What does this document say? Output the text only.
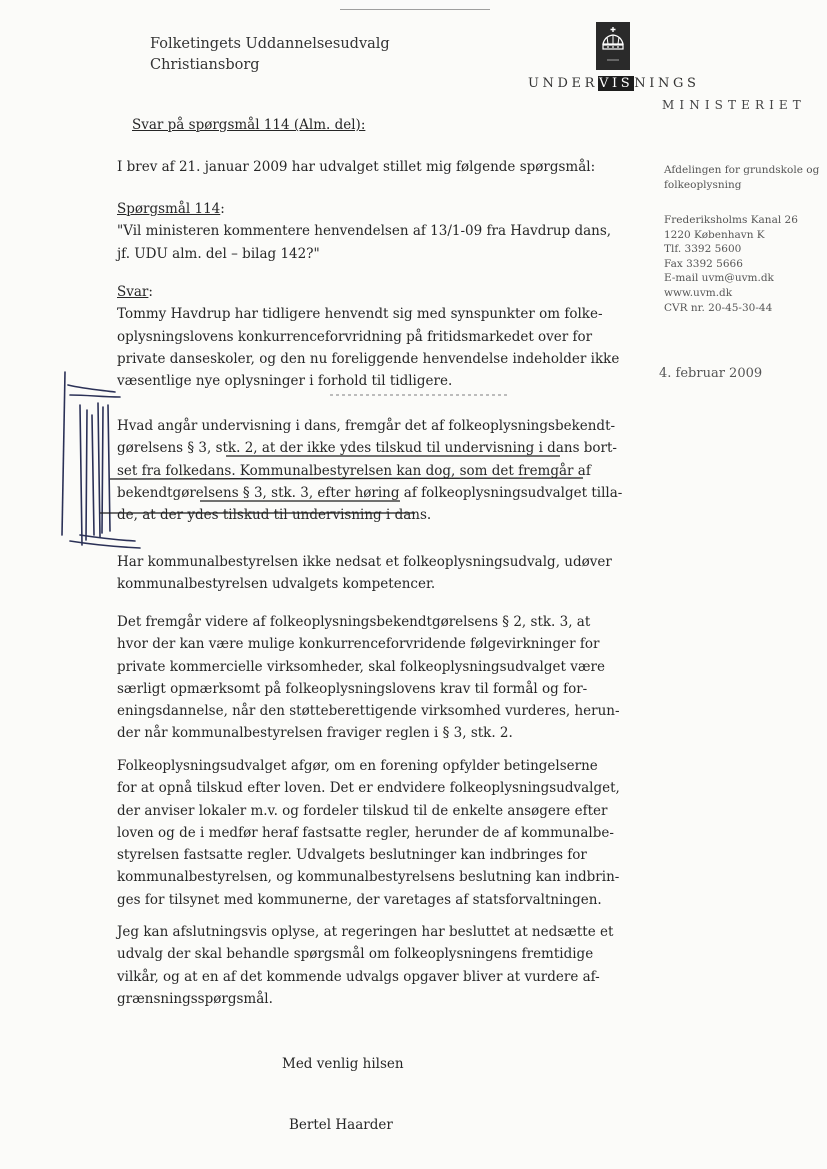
Folketingets Uddannelsesudvalg
Christiansborg
UNDERVISNINGS
MINISTERIET
Svar på spørgsmål 114 (Alm. del):
I brev af 21. januar 2009 har udvalget stillet mig følgende spørgsmål:
Spørgsmål 114:
"Vil ministeren kommentere henvendelsen af 13/1-09 fra Havdrup dans,
jf. UDU alm. del – bilag 142?"
Svar:
Tommy Havdrup har tidligere henvendt sig med synspunkter om folke-
oplysningslovens konkurrenceforvridning på fritidsmarkedet over for
private danseskoler, og den nu foreliggende henvendelse indeholder ikke
væsentlige nye oplysninger i forhold til tidligere.
Hvad angår undervisning i dans, fremgår det af folkeoplysningsbekendt-
gørelsens § 3, stk. 2, at der ikke ydes tilskud til undervisning i dans bort-
set fra folkedans. Kommunalbestyrelsen kan dog, som det fremgår af
bekendtgørelsens § 3, stk. 3, efter høring af folkeoplysningsudvalget tilla-
de, at der ydes tilskud til undervisning i dans.
Har kommunalbestyrelsen ikke nedsat et folkeoplysningsudvalg, udøver
kommunalbestyrelsen udvalgets kompetencer.
Det fremgår videre af folkeoplysningsbekendtgørelsens § 2, stk. 3, at
hvor der kan være mulige konkurrenceforvridende følgevirkninger for
private kommercielle virksomheder, skal folkeoplysningsudvalget være
særligt opmærksomt på folkeoplysningslovens krav til formål og for-
eningsdannelse, når den støtteberettigende virksomhed vurderes, herun-
der når kommunalbestyrelsen fraviger reglen i § 3, stk. 2.
Folkeoplysningsudvalget afgør, om en forening opfylder betingelserne
for at opnå tilskud efter loven. Det er endvidere folkeoplysningsudvalget,
der anviser lokaler m.v. og fordeler tilskud til de enkelte ansøgere efter
loven og de i medfør heraf fastsatte regler, herunder de af kommunalbe-
styrelsen fastsatte regler. Udvalgets beslutninger kan indbringes for
kommunalbestyrelsen, og kommunalbestyrelsens beslutning kan indbrin-
ges for tilsynet med kommunerne, der varetages af statsforvaltningen.
Jeg kan afslutningsvis oplyse, at regeringen har besluttet at nedsætte et
udvalg der skal behandle spørgsmål om folkeoplysningens fremtidige
vilkår, og at en af det kommende udvalgs opgaver bliver at vurdere af-
grænsningsspørgsmål.
Med venlig hilsen
Bertel Haarder
Afdelingen for grundskole og
folkeoplysning
Frederiksholms Kanal 26
1220 København K
Tlf. 3392 5600
Fax 3392 5666
E-mail uvm@uvm.dk
www.uvm.dk
CVR nr. 20-45-30-44
4. februar 2009
